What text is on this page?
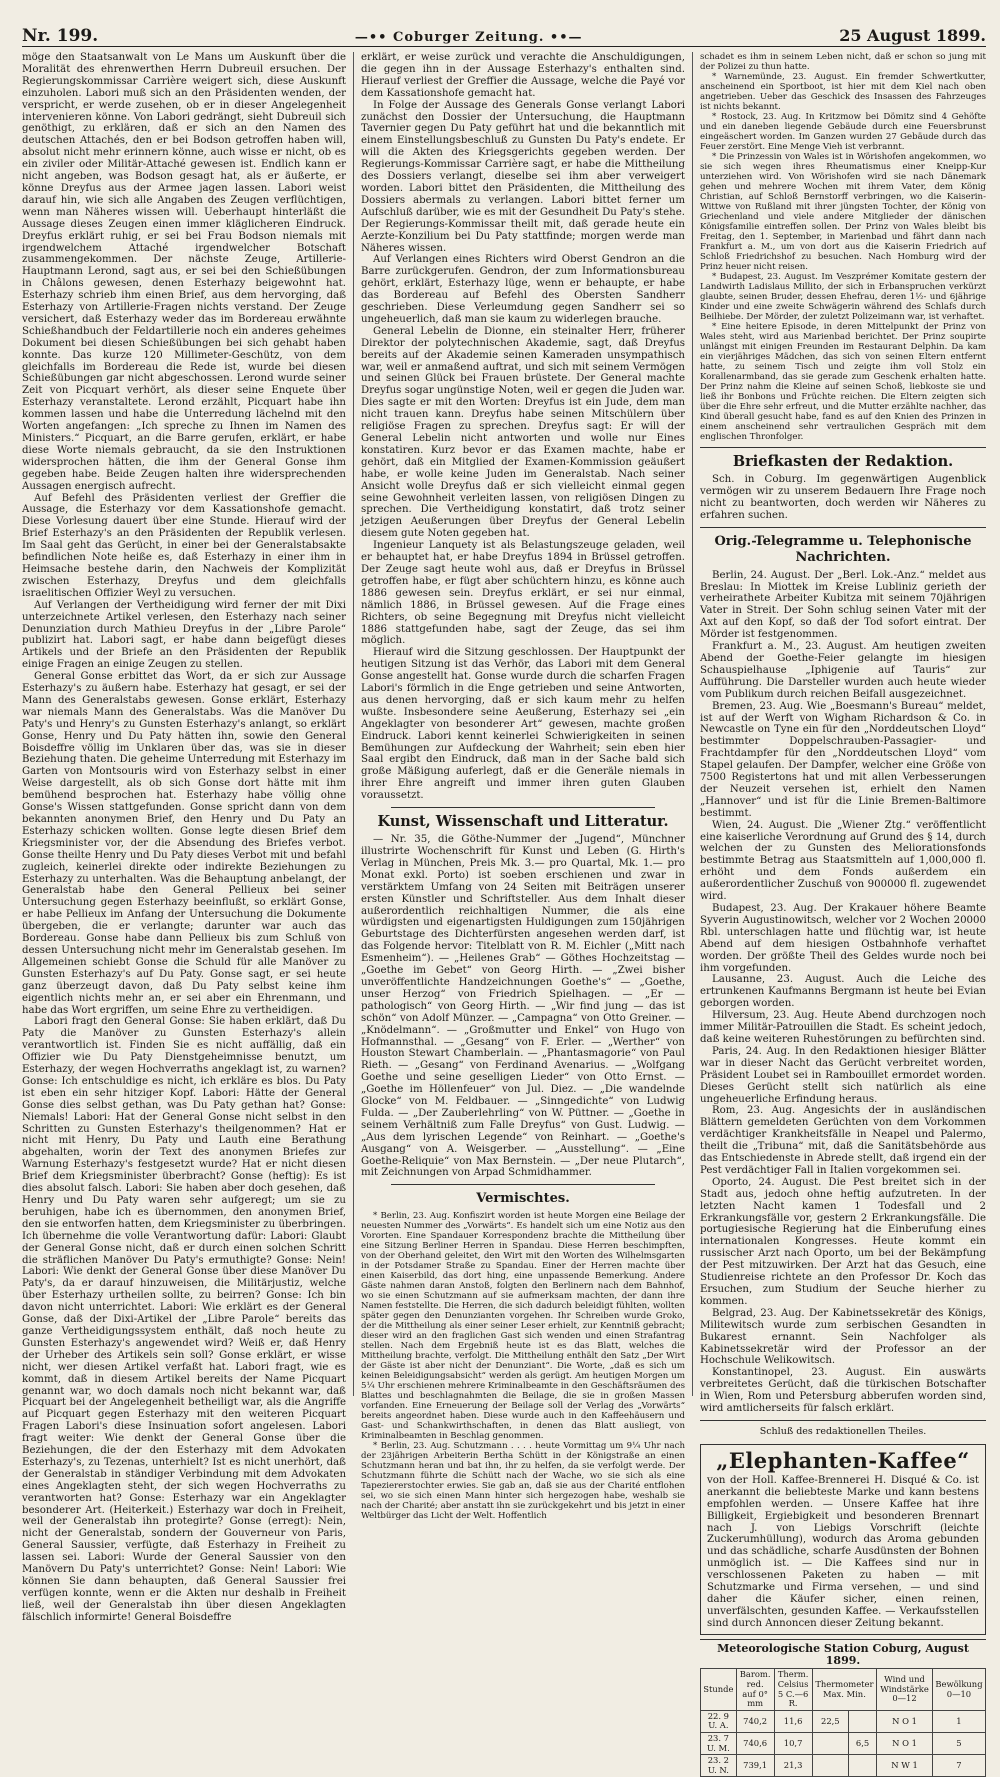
Nr. 199.	—•• Coburger Zeitung. ••—	25 August 1899.

möge den Staatsanwalt von Le Mans um Auskunft über die Moralität des ehrenwerthen Herrn Dubreuil ersuchen. Der Regierungskommissar Carrière weigert sich, diese Auskunft einzuholen. Labori muß sich an den Präsidenten wenden, der verspricht, er werde zusehen, ob er in dieser Angelegenheit intervenieren könne. Von Labori gedrängt, sieht Dubreuil sich genöthigt, zu erklären, daß er sich an den Namen des deutschen Attachés, den er bei Bodson getroffen haben will, absolut nicht mehr erinnern könne, auch wisse er nicht, ob es ein ziviler oder Militär-Attaché gewesen ist. Endlich kann er nicht angeben, was Bodson gesagt hat, als er äußerte, er könne Dreyfus aus der Armee jagen lassen. Labori weist darauf hin, wie sich alle Angaben des Zeugen verflüchtigen, wenn man Näheres wissen will. Ueberhaupt hinterläßt die Aussage dieses Zeugen einen immer kläglicheren Eindruck. Dreyfus erklärt ruhig, er sei bei Frau Bodson niemals mit irgendwelchem Attaché irgendwelcher Botschaft zusammengekommen. Der nächste Zeuge, Artillerie-Hauptmann Lerond, sagt aus, er sei bei den Schießübungen in Châlons gewesen, denen Esterhazy beigewohnt hat. Esterhazy schrieb ihm einen Brief, aus dem hervorging, daß Esterhazy von Artillerie-Fragen nichts verstand. Der Zeuge versichert, daß Esterhazy weder das im Bordereau erwähnte Schießhandbuch der Feldartillerie noch ein anderes geheimes Dokument bei diesen Schießübungen bei sich gehabt haben konnte. Das kurze 120 Millimeter-Geschütz, von dem gleichfalls im Bordereau die Rede ist, wurde bei diesen Schießübungen gar nicht abgeschossen. Lerond wurde seiner Zeit von Picquart verhört, als dieser seine Enquete über Esterhazy veranstaltete. Lerond erzählt, Picquart habe ihn kommen lassen und habe die Unterredung lächelnd mit den Worten angefangen: „Ich spreche zu Ihnen im Namen des Ministers.“ Picquart, an die Barre gerufen, erklärt, er habe diese Worte niemals gebraucht, da sie den Instruktionen widersprochen hätten, die ihm der General Gonse ihm gegeben habe. Beide Zeugen halten ihre widersprechenden Aussagen energisch aufrecht.

Auf Befehl des Präsidenten verliest der Greffier die Aussage, die Esterhazy vor dem Kassationshofe gemacht. Diese Vorlesung dauert über eine Stunde. Hierauf wird der Brief Esterhazy's an den Präsidenten der Republik verlesen. Im Saal geht das Gerücht, in einer bei der Generalstabsakte befindlichen Note heiße es, daß Esterhazy in einer ihm in Heimsache bestehe darin, den Nachweis der Komplizität zwischen Esterhazy, Dreyfus und dem gleichfalls israelitischen Offizier Weyl zu versuchen.

Auf Verlangen der Vertheidigung wird ferner der mit Dixi unterzeichnete Artikel verlesen, den Esterhazy nach seiner Denunziation durch Mathieu Dreyfus in der „Libre Parole“ publizirt hat. Labori sagt, er habe dann beigefügt dieses Artikels und der Briefe an den Präsidenten der Republik einige Fragen an einige Zeugen zu stellen.

General Gonse erbittet das Wort, da er sich zur Aussage Esterhazy's zu äußern habe. Esterhazy hat gesagt, er sei der Mann des Generalstabs gewesen. Gonse erklärt, Esterhazy war niemals Mann des Generalstabs. Was die Manöver Du Paty's und Henry's zu Gunsten Esterhazy's anlangt, so erklärt Gonse, Henry und Du Paty hätten ihn, sowie den General Boisdeffre völlig im Unklaren über das, was sie in dieser Beziehung thaten. Die geheime Unterredung mit Esterhazy im Garten von Montsouris wird von Esterhazy selbst in einer Weise dargestellt, als ob sich Gonse dort hätte mit ihm bemühend besprochen hat. Esterhazy habe völlig ohne Gonse's Wissen stattgefunden. Gonse spricht dann von dem bekannten anonymen Brief, den Henry und Du Paty an Esterhazy schicken wollten. Gonse legte diesen Brief dem Kriegsminister vor, der die Absendung des Briefes verbot. Gonse theilte Henry und Du Paty dieses Verbot mit und befahl zugleich, keinerlei direkte oder indirekte Beziehungen zu Esterhazy zu unterhalten. Was die Behauptung anbelangt, der Generalstab habe den General Pellieux bei seiner Untersuchung gegen Esterhazy beeinflußt, so erklärt Gonse, er habe Pellieux im Anfang der Untersuchung die Dokumente übergeben, die er verlangte; darunter war auch das Bordereau. Gonse habe dann Pellieux bis zum Schluß von dessen Untersuchung nicht mehr im Generalstab gesehen. Im Allgemeinen schiebt Gonse die Schuld für alle Manöver zu Gunsten Esterhazy's auf Du Paty. Gonse sagt, er sei heute ganz überzeugt davon, daß Du Paty selbst keine ihm eigentlich nichts mehr an, er sei aber ein Ehrenmann, und habe das Wort ergriffen, um seine Ehre zu vertheidigen.

Labori fragt den General Gonse: Sie haben erklärt, daß Du Paty die Manöver zu Gunsten Esterhazy's allein verantwortlich ist. Finden Sie es nicht auffällig, daß ein Offizier wie Du Paty Dienstgeheimnisse benutzt, um Esterhazy, der wegen Hochverraths angeklagt ist, zu warnen? Gonse: Ich entschuldige es nicht, ich erkläre es blos. Du Paty ist eben ein sehr hitziger Kopf. Labori: Hätte der General Gonse dies selbst gethan, was Du Paty gethan hat? Gonse: Niemals! Labori: Hat der General Gonse nicht selbst in den Schritten zu Gunsten Esterhazy's theilgenommen? Hat er nicht mit Henry, Du Paty und Lauth eine Berathung abgehalten, worin der Text des anonymen Briefes zur Warnung Esterhazy's festgesetzt wurde? Hat er nicht diesen Brief dem Kriegsminister überbracht? Gonse (heftig): Es ist dies absolut falsch. Labori: Sie haben aber doch gesehen, daß Henry und Du Paty waren sehr aufgeregt; um sie zu beruhigen, habe ich es übernommen, den anonymen Brief, den sie entworfen hatten, dem Kriegsminister zu überbringen. Ich übernehme die volle Verantwortung dafür: Labori: Glaubt der General Gonse nicht, daß er durch einen solchen Schritt die sträflichen Manöver Du Paty's ermuthigte? Gonse: Nein! Labori: Wie denkt der General Gonse über diese Manöver Du Paty's, da er darauf hinzuweisen, die Militärjustiz, welche über Esterhazy urtheilen sollte, zu beirren? Gonse: Ich bin davon nicht unterrichtet. Labori: Wie erklärt es der General Gonse, daß der Dixi-Artikel der „Libre Parole“ bereits das ganze Vertheidigungssystem enthält, daß noch heute zu Gunsten Esterhazy's angewendet wird? Weiß er, daß Henry der Urheber des Artikels sein soll? Gonse erklärt, er wisse nicht, wer diesen Artikel verfaßt hat. Labori fragt, wie es kommt, daß in diesem Artikel bereits der Name Picquart genannt war, wo doch damals noch nicht bekannt war, daß Picquart bei der Angelegenheit betheiligt war, als die Angriffe auf Picquart gegen Esterhazy mit den weiteren Picquart Fragen Labori's diese Insinuation sofort angelesen. Labori fragt weiter: Wie denkt der General Gonse über die Beziehungen, die der den Esterhazy mit dem Advokaten Esterhazy's, zu Tezenas, unterhielt? Ist es nicht unerhört, daß der Generalstab in ständiger Verbindung mit dem Advokaten eines Angeklagten steht, der sich wegen Hochverraths zu verantworten hat? Gonse: Esterhazy war ein Angeklagter besonderer Art. (Heiterkeit.) Esterhazy war doch in Freiheit, weil der Generalstab ihn protegirte? Gonse (erregt): Nein, nicht der Generalstab, sondern der Gouverneur von Paris, General Saussier, verfügte, daß Esterhazy in Freiheit zu lassen sei. Labori: Wurde der General Saussier von den Manövern Du Paty's unterrichtet? Gonse: Nein! Labori: Wie können Sie dann behaupten, daß General Saussier frei verfügen konnte, wenn er die Akten nur deshalb in Freiheit ließ, weil der Generalstab ihn über diesen Angeklagten fälschlich informirte! General Boisdeffre

erklärt, er weise zurück und verachte die Anschuldigungen, die gegen ihn in der Aussage Esterhazy's enthalten sind. Hierauf verliest der Greffier die Aussage, welche die Payé vor dem Kassationshofe gemacht hat.

In Folge der Aussage des Generals Gonse verlangt Labori zunächst den Dossier der Untersuchung, die Hauptmann Tavernier gegen Du Paty geführt hat und die bekanntlich mit einem Einstellungsbeschluß zu Gunsten Du Paty's endete. Er will die Akten des Kriegsgerichts gegeben werden. Der Regierungs-Kommissar Carrière sagt, er habe die Mittheilung des Dossiers verlangt, dieselbe sei ihm aber verweigert worden. Labori bittet den Präsidenten, die Mittheilung des Dossiers abermals zu verlangen. Labori bittet ferner um Aufschluß darüber, wie es mit der Gesundheit Du Paty's stehe. Der Regierungs-Kommissar theilt mit, daß gerade heute ein Aerzte-Konzilium bei Du Paty stattfinde; morgen werde man Näheres wissen.

Auf Verlangen eines Richters wird Oberst Gendron an die Barre zurückgerufen. Gendron, der zum Informationsbureau gehört, erklärt, Esterhazy lüge, wenn er behaupte, er habe das Bordereau auf Befehl des Obersten Sandherr geschrieben. Diese Verleumdung gegen Sandherr sei so ungeheuerlich, daß man sie kaum zu widerlegen brauche.

General Lebelin de Dionne, ein steinalter Herr, früherer Direktor der polytechnischen Akademie, sagt, daß Dreyfus bereits auf der Akademie seinen Kameraden unsympathisch war, weil er anmaßend auftrat, und sich mit seinem Vermögen und seinen Glück bei Frauen brüstete. Der General machte Dreyfus sogar ungünstige Noten, weil er gegen die Juden war. Dies sagte er mit den Worten: Dreyfus ist ein Jude, dem man nicht trauen kann. Dreyfus habe seinen Mitschülern über religiöse Fragen zu sprechen. Dreyfus sagt: Er will der General Lebelin nicht antworten und wolle nur Eines konstatiren. Kurz bevor er das Examen machte, habe er gehört, daß ein Mitglied der Examen-Kommission geäußert habe, er wolle keine Juden im Generalstab. Nach seiner Ansicht wolle Dreyfus daß er sich vielleicht einmal gegen seine Gewohnheit verleiten lassen, von religiösen Dingen zu sprechen. Die Vertheidigung konstatirt, daß trotz seiner jetzigen Aeußerungen über Dreyfus der General Lebelin diesem gute Noten gegeben hat.

Ingenieur Lanquety ist als Belastungszeuge geladen, weil er behauptet hat, er habe Dreyfus 1894 in Brüssel getroffen. Der Zeuge sagt heute wohl aus, daß er Dreyfus in Brüssel getroffen habe, er fügt aber schüchtern hinzu, es könne auch 1886 gewesen sein. Dreyfus erklärt, er sei nur einmal, nämlich 1886, in Brüssel gewesen. Auf die Frage eines Richters, ob seine Begegnung mit Dreyfus nicht vielleicht 1886 stattgefunden habe, sagt der Zeuge, das sei ihm möglich.

Hierauf wird die Sitzung geschlossen. Der Hauptpunkt der heutigen Sitzung ist das Verhör, das Labori mit dem General Gonse angestellt hat. Gonse wurde durch die scharfen Fragen Labori's förmlich in die Enge getrieben und seine Antworten, aus denen hervorging, daß er sich kaum mehr zu helfen wußte. Insbesondere seine Aeußerung, Esterhazy sei „ein Angeklagter von besonderer Art“ gewesen, machte großen Eindruck. Labori kennt keinerlei Schwierigkeiten in seinen Bemühungen zur Aufdeckung der Wahrheit; sein eben hier Saal ergibt den Eindruck, daß man in der Sache bald sich große Mäßigung auferlegt, daß er die Generäle niemals in ihrer Ehre angreift und immer ihren guten Glauben voraussetzt.

Kunst, Wissenschaft und Litteratur.

— Nr. 35, die Göthe-Nummer der „Jugend“, Münchner illustrirte Wochenschrift für Kunst und Leben (G. Hirth's Verlag in München, Preis Mk. 3.— pro Quartal, Mk. 1.— pro Monat exkl. Porto) ist soeben erschienen und zwar in verstärktem Umfang von 24 Seiten mit Beiträgen unserer ersten Künstler und Schriftsteller. Aus dem Inhalt dieser außerordentlich reichhaltigen Nummer, die als eine würdigsten und eigenartigsten Huldigungen zum 150jährigen Geburtstage des Dichterfürsten angesehen werden darf, ist das Folgende hervor: Titelblatt von R. M. Eichler („Mitt nach Esmenheim“). — „Heilenes Grab“ — Göthes Hochzeitstag — „Goethe im Gebet“ von Georg Hirth. — „Zwei bisher unveröffentlichte Handzeichnungen Goethe's“ — „Goethe, unser Herzog“ von Friedrich Spielhagen. — „Er — pathologisch“ von Georg Hirth. — „Wir find jung — das ist schön“ von Adolf Münzer. — „Campagna“ von Otto Greiner. — „Knödelmann“. — „Großmutter und Enkel“ von Hugo von Hofmannsthal. — „Gesang“ von F. Erler. — „Werther“ von Houston Stewart Chamberlain. — „Phantasmagorie“ von Paul Rieth. — „Gesang“ von Ferdinand Avenarius. — „Wolfgang Goethe und seine geselligen Lieder“ von Otto Ernst. — „Goethe im Höllenfeuer“ von Jul. Diez. — „Die wandelnde Glocke“ von M. Feldbauer. — „Sinngedichte“ von Ludwig Fulda. — „Der Zauberlehrling“ von W. Püttner. — „Goethe in seinem Verhältniß zum Falle Dreyfus“ von Gust. Ludwig. — „Aus dem lyrischen Legende“ von Reinhart. — „Goethe's Ausgang“ von A. Weisgerber. — „Ausstellung“. — „Eine Goethe-Reliquie“ von Max Bernstein. — „Der neue Plutarch“, mit Zeichnungen von Arpad Schmidhammer.

Vermischtes.

* Berlin, 23. Aug. Konfiszirt worden ist heute Morgen eine Beilage der neuesten Nummer des „Vorwärts“. Es handelt sich um eine Notiz aus den Vororten. Eine Spandauer Korrespondenz brachte die Mittheilung über eine Sitzung Berliner Herren in Spandau. Diese Herren beschimpften, von der Oberhand geleitet, den Wirt mit den Worten des Wilhelmsgarten in der Potsdamer Straße zu Spandau. Einer der Herren machte über einen Kaiserbild, das dort hing, eine unpassende Bemerkung. Andere Gäste nahmen daran Anstoß, folgten den Berlinern nach dem Bahnhof, wo sie einen Schutzmann auf sie aufmerksam machten, der dann ihre Namen feststellte. Die Herren, die sich dadurch beleidigt fühlten, wollten später gegen den Denunzianten vorgehen. Ihr Schreiben wurde Groko, der die Mittheilung als einer seiner Leser erhielt, zur Kenntniß gebracht; dieser wird an den fraglichen Gast sich wenden und einen Strafantrag stellen. Nach dem Ergebniß heute ist es das Blatt, welches die Mittheilung brachte, verfolgt. Die Mittheilung enthält den Satz „Der Wirt der Gäste ist aber nicht der Denunziant“. Die Worte, „daß es sich um keinen Beleidigungsabsicht“ werden als gerügt. Am heutigen Morgen um 5¼ Uhr erschienen mehrere Kriminalbeamte in den Geschäftsräumen des Blattes und beschlagnahmten die Beilage, die sie in großen Massen vorfanden. Eine Erneuerung der Beilage soll der Verlag des „Vorwärts“ bereits angeordnet haben. Diese wurde auch in den Kaffeehäusern und Gast- und Schankwirthschaften, in denen das Blatt ausliegt, von Kriminalbeamten in Beschlag genommen.

* Berlin, 23. Aug. Schutzmann . . . . heute Vormittag um 9¼ Uhr nach der 23jährigen Arbeiterin Bertha Schütt in der Königstraße an einen Schutzmann heran und bat ihn, ihr zu helfen, da sie verfolgt werde. Der Schutzmann führte die Schütt nach der Wache, wo sie sich als eine Tapeziererstochter erwies. Sie gab an, daß sie aus der Charité entflohen sei, wo sie sich einen Mann hinter sich hergezogen habe, weshalb sie nach der Charité; aber anstatt ihn sie zurückgekehrt und bis jetzt in einer Weltbürger das Licht der Welt. Hoffentlich

schadet es ihm in seinem Leben nicht, daß er schon so jung mit der Polizei zu thun hatte.

* Warnemünde, 23. August. Ein fremder Schwertkutter, anscheinend ein Sportboot, ist hier mit dem Kiel nach oben angetrieben. Ueber das Geschick des Insassen des Fahrzeuges ist nichts bekannt.

* Rostock, 23. Aug. In Kritzmow bei Dömitz sind 4 Gehöfte und ein daneben liegende Gebäude durch eine Feuersbrunst eingeäschert worden. Im Ganzen wurden 27 Gebäude durch das Feuer zerstört. Eine Menge Vieh ist verbrannt.

* Die Prinzessin von Wales ist in Wörishofen angekommen, wo sie sich wegen ihres Rheumatismus einer Kneipp-Kur unterziehen wird. Von Wörishofen wird sie nach Dänemark gehen und mehrere Wochen mit ihrem Vater, dem König Christian, auf Schloß Bernstorff verbringen, wo die Kaiserin-Wittwe von Rußland mit ihrer jüngsten Tochter, der König von Griechenland und viele andere Mitglieder der dänischen Königsfamilie eintreffen sollen. Der Prinz von Wales bleibt bis Freitag, den 1. September, in Marienbad und fährt dann nach Frankfurt a. M., um von dort aus die Kaiserin Friedrich auf Schloß Friedrichshof zu besuchen. Nach Homburg wird der Prinz heuer nicht reisen.

* Budapest, 23. August. Im Veszprémer Komitate gestern der Landwirth Ladislaus Millito, der sich in Erbanspruchen verkürzt glaubte, seinen Bruder, dessen Ehefrau, deren 1½- und 6jährige Kinder und eine zweite Schwägerin während des Schlafs durch Beilhiebe. Der Mörder, der zuletzt Polizeimann war, ist verhaftet.

* Eine heitere Episode, in deren Mittelpunkt der Prinz von Wales steht, wird aus Marienbad berichtet. Der Prinz soupirte unlängst mit einigen Freunden im Restaurant Delphin. Da kam ein vierjähriges Mädchen, das sich von seinen Eltern entfernt hatte, zu seinem Tisch und zeigte ihm voll Stolz ein Korallenarmband, das sie gerade zum Geschenk erhalten hatte. Der Prinz nahm die Kleine auf seinen Schoß, liebkoste sie und ließ ihr Bonbons und Früchte reichen. Die Eltern zeigten sich über die Ehre sehr erfreut, und die Mutter erzählte nachher, das Kind überall gesucht habe, fand es auf den Knien des Prinzen in einem anscheinend sehr vertraulichen Gespräch mit dem englischen Thronfolger.

Briefkasten der Redaktion.

Sch. in Coburg. Im gegenwärtigen Augenblick vermögen wir zu unserem Bedauern Ihre Frage noch nicht zu beantworten, doch werden wir Näheres zu erfahren suchen.

Orig.-Telegramme u. Telephonische Nachrichten.

Berlin, 24. August. Der „Berl. Lok.-Anz.“ meldet aus Breslau: In Miottek im Kreise Lubliniz gerieth der verheirathete Arbeiter Kubitza mit seinem 70jährigen Vater in Streit. Der Sohn schlug seinen Vater mit der Axt auf den Kopf, so daß der Tod sofort eintrat. Der Mörder ist festgenommen.

Frankfurt a. M., 23. August. Am heutigen zweiten Abend der Goethe-Feier gelangte im hiesigen Schauspielhause „Iphigenie auf Tauris“ zur Aufführung. Die Darsteller wurden auch heute wieder vom Publikum durch reichen Beifall ausgezeichnet.

Bremen, 23. Aug. Wie „Boesmann's Bureau“ meldet, ist auf der Werft von Wigham Richardson & Co. in Newcastle on Tyne ein für den „Norddeutschen Lloyd“ bestimmter Doppelschrauben-Passagier- und Frachtdampfer für den „Norddeutschen Lloyd“ vom Stapel gelaufen. Der Dampfer, welcher eine Größe von 7500 Registertons hat und mit allen Verbesserungen der Neuzeit versehen ist, erhielt den Namen „Hannover“ und ist für die Linie Bremen-Baltimore bestimmt.

Wien, 24. August. Die „Wiener Ztg.“ veröffentlicht eine kaiserliche Verordnung auf Grund des § 14, durch welchen der zu Gunsten des Meliorationsfonds bestimmte Betrag aus Staatsmitteln auf 1,000,000 fl. erhöht und dem Fonds außerdem ein außerordentlicher Zuschuß von 900000 fl. zugewendet wird.

Budapest, 23. Aug. Der Krakauer höhere Beamte Syverin Augustinowitsch, welcher vor 2 Wochen 20000 Rbl. unterschlagen hatte und flüchtig war, ist heute Abend auf dem hiesigen Ostbahnhofe verhaftet worden. Der größte Theil des Geldes wurde noch bei ihm vorgefunden.

Lausanne, 23. August. Auch die Leiche des ertrunkenen Kaufmanns Bergmann ist heute bei Evian geborgen worden.

Hilversum, 23. Aug. Heute Abend durchzogen noch immer Militär-Patrouillen die Stadt. Es scheint jedoch, daß keine weiteren Ruhestörungen zu befürchten sind.

Paris, 24. Aug. In den Redaktionen hiesiger Blätter war in dieser Nacht das Gerücht verbreitet worden, Präsident Loubet sei in Rambouillet ermordet worden. Dieses Gerücht stellt sich natürlich als eine ungeheuerliche Erfindung heraus.

Rom, 23. Aug. Angesichts der in ausländischen Blättern gemeldeten Gerüchten von dem Vorkommen verdächtiger Krankheitsfälle in Neapel und Palermo, theilt die „Tribuna“ mit, daß die Sanitätsbehörde aus das Entschiedenste in Abrede stellt, daß irgend ein der Pest verdächtiger Fall in Italien vorgekommen sei.

Oporto, 24. August. Die Pest breitet sich in der Stadt aus, jedoch ohne heftig aufzutreten. In der letzten Nacht kamen 1 Todesfall und 2 Erkrankungsfälle vor, gestern 2 Erkrankungsfälle. Die portugiesische Regierung hat die Einberufung eines internationalen Kongresses. Heute kommt ein russischer Arzt nach Oporto, um bei der Bekämpfung der Pest mitzuwirken. Der Arzt hat das Gesuch, eine Studienreise richtete an den Professor Dr. Koch das Ersuchen, zum Studium der Seuche hierher zu kommen.

Belgrad, 23. Aug. Der Kabinetssekretär des Königs, Militewitsch wurde zum serbischen Gesandten in Bukarest ernannt. Sein Nachfolger als Kabinetssekretär wird der Professor an der Hochschule Welikowitsch.

Konstantinopel, 23. August. Ein auswärts verbreitetes Gerücht, daß die türkischen Botschafter in Wien, Rom und Petersburg abberufen worden sind, wird amtlicherseits für falsch erklärt.

Schluß des redaktionellen Theiles.
„Elephanten-Kaffee“

von der Holl. Kaffee-Brennerei H. Disqué & Co. ist anerkannt die beliebteste Marke und kann bestens empfohlen werden. — Unsere Kaffee hat ihre Billigkeit, Ergiebigkeit und besonderen Brennart nach J. von Liebigs Vorschrift (leichte Zuckerumhüllung), wodurch das Aroma gebunden und das schädliche, scharfe Ausdünsten der Bohnen unmöglich ist. — Die Kaffees sind nur in verschlossenen Paketen zu haben — mit Schutzmarke und Firma versehen, — und sind daher die Käufer sicher, einen reinen, unverfälschten, gesunden Kaffee. — Verkaufsstellen sind durch Annoncen dieser Zeitung bekannt.

Meteorologische Station Coburg, August 1899.
Stunde	Barom. red. auf 0° mm	Therm. Celsius 5 C.—6 R.	Thermometer Max. Min.		Wind und Windstärke 0—12	Bewölkung 0—10
22. 9 U. A.	740,2	11,6	22,5		N O 1	1
23. 7 U. M.	740,6	10,7		6,5	N O 1	5
23. 2 U. N.	739,1	21,3			N W 1	7
